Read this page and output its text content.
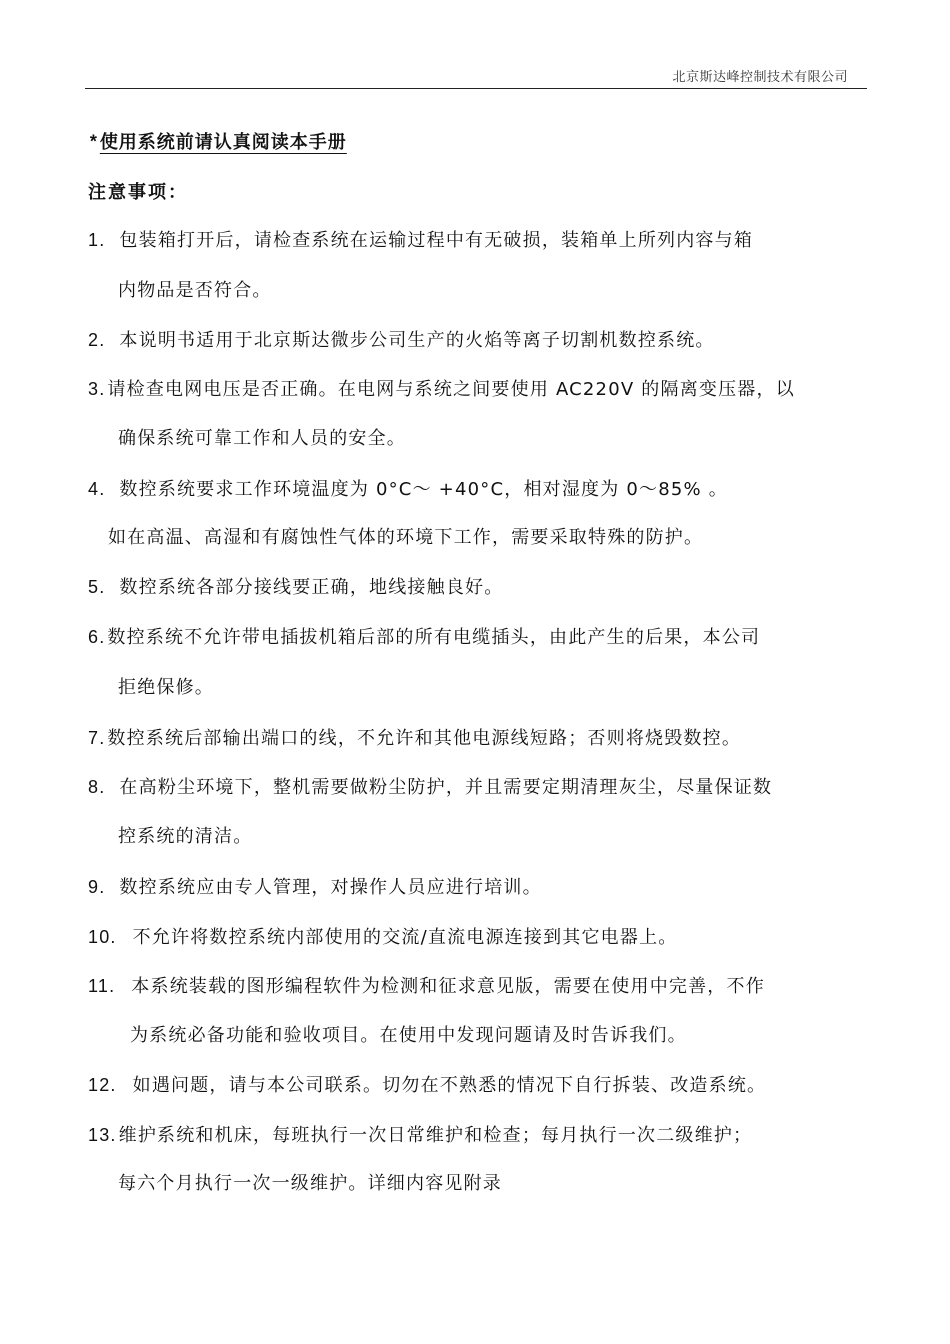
北京斯达峰控制技术有限公司
*使用系统前请认真阅读本手册
注意事项：
1. 包装箱打开后，请检查系统在运输过程中有无破损，装箱单上所列内容与箱
内物品是否符合。
2. 本说明书适用于北京斯达微步公司生产的火焰等离子切割机数控系统。
3. 请检查电网电压是否正确。在电网与系统之间要使用 AC220V 的隔离变压器，以
确保系统可靠工作和人员的安全。
4. 数控系统要求工作环境温度为 0°C～ +40°C，相对湿度为 0～85% 。
如在高温、高湿和有腐蚀性气体的环境下工作，需要采取特殊的防护。
5. 数控系统各部分接线要正确，地线接触良好。
6. 数控系统不允许带电插拔机箱后部的所有电缆插头，由此产生的后果，本公司
拒绝保修。
7. 数控系统后部输出端口的线，不允许和其他电源线短路；否则将烧毁数控。
8. 在高粉尘环境下，整机需要做粉尘防护，并且需要定期清理灰尘，尽量保证数
控系统的清洁。
9. 数控系统应由专人管理，对操作人员应进行培训。
10. 不允许将数控系统内部使用的交流/直流电源连接到其它电器上。
11. 本系统装载的图形编程软件为检测和征求意见版，需要在使用中完善，不作
为系统必备功能和验收项目。在使用中发现问题请及时告诉我们。
12. 如遇问题，请与本公司联系。切勿在不熟悉的情况下自行拆装、改造系统。
13. 维护系统和机床，每班执行一次日常维护和检查；每月执行一次二级维护；
每六个月执行一次一级维护。详细内容见附录
